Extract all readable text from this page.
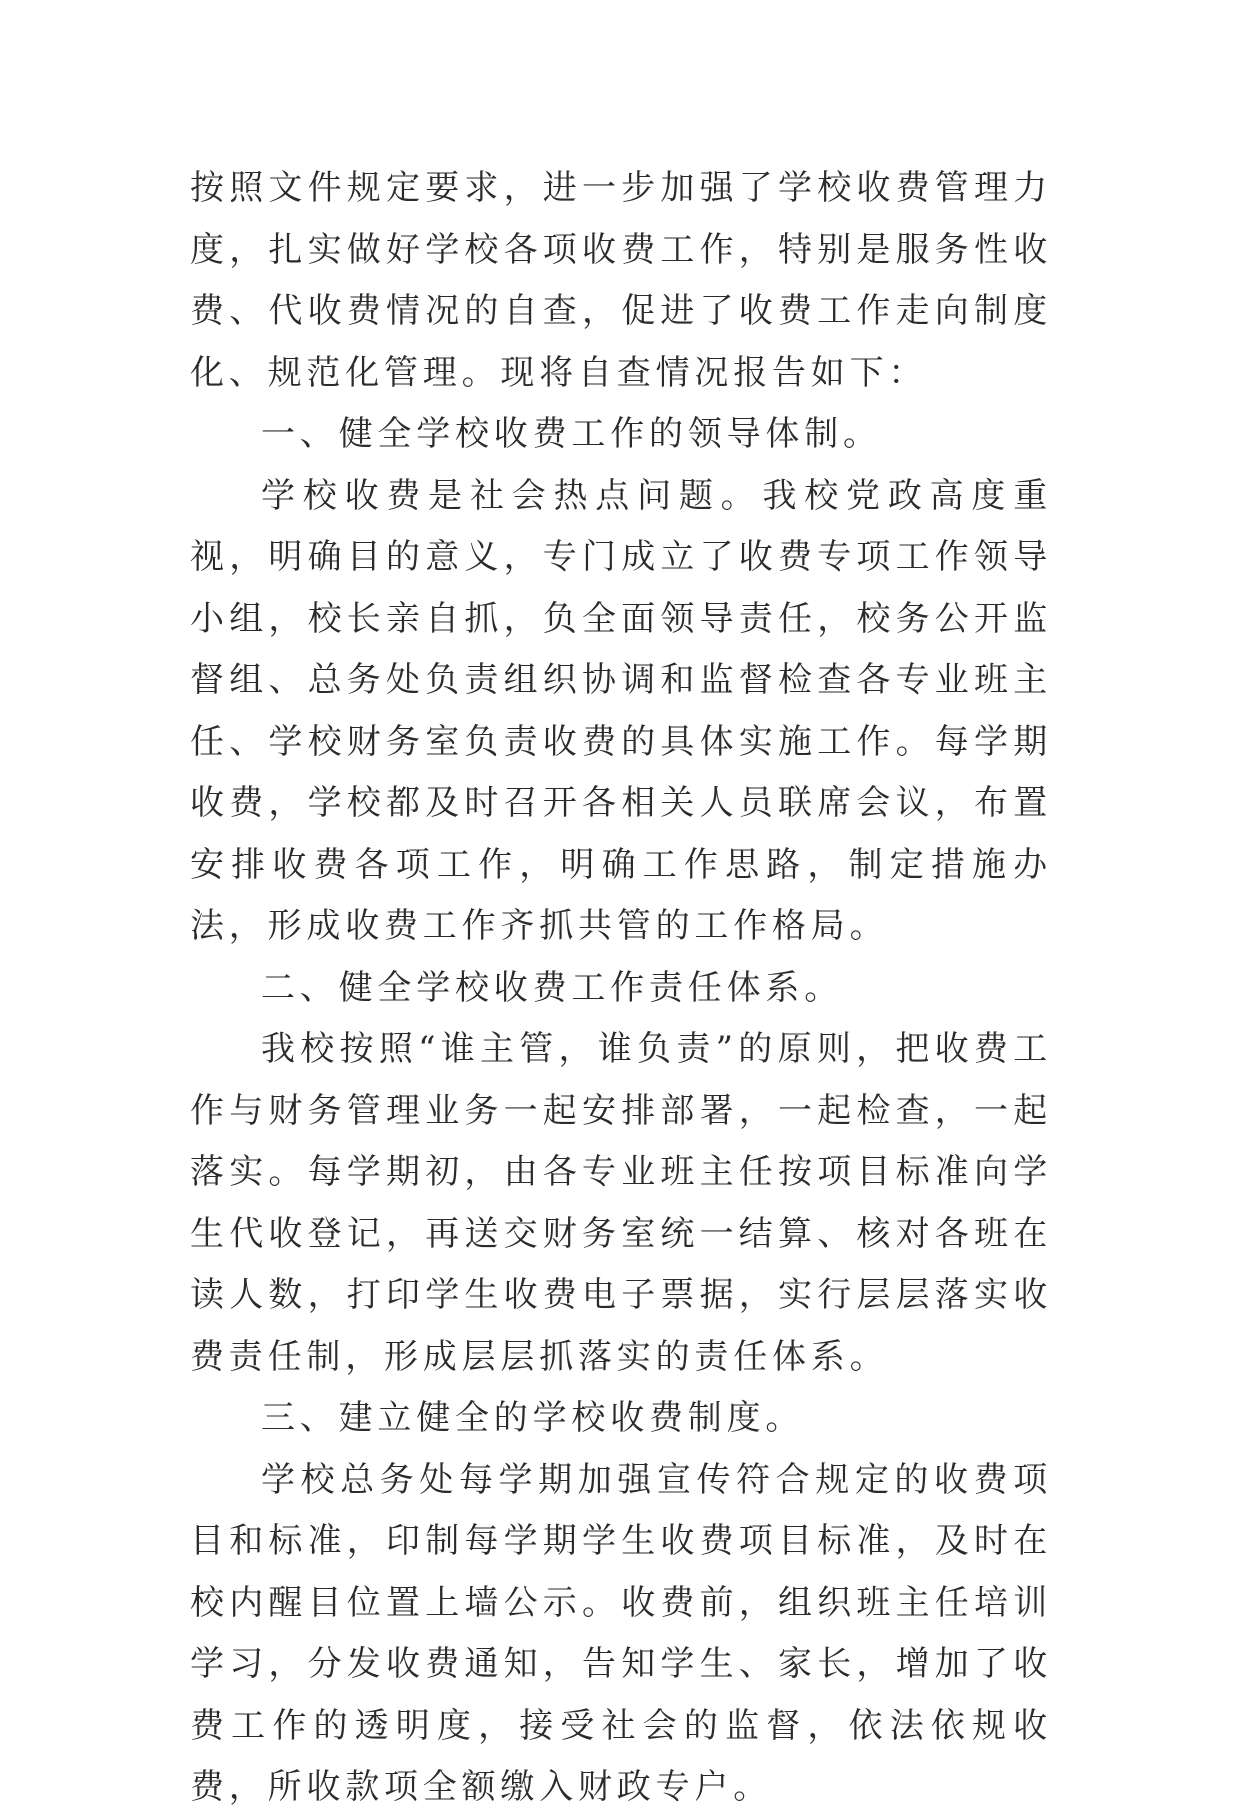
按照文件规定要求，进一步加强了学校收费管理力度，扎实做好学校各项收费工作，特别是服务性收费、代收费情况的自查，促进了收费工作走向制度化、规范化管理。现将自查情况报告如下：

一、健全学校收费工作的领导体制。

学校收费是社会热点问题。我校党政高度重视，明确目的意义，专门成立了收费专项工作领导小组，校长亲自抓，负全面领导责任，校务公开监督组、总务处负责组织协调和监督检查各专业班主任、学校财务室负责收费的具体实施工作。每学期收费，学校都及时召开各相关人员联席会议，布置安排收费各项工作，明确工作思路，制定措施办法，形成收费工作齐抓共管的工作格局。

二、健全学校收费工作责任体系。

我校按照“谁主管，谁负责”的原则，把收费工作与财务管理业务一起安排部署，一起检查，一起落实。每学期初，由各专业班主任按项目标准向学生代收登记，再送交财务室统一结算、核对各班在读人数，打印学生收费电子票据，实行层层落实收费责任制，形成层层抓落实的责任体系。

三、建立健全的学校收费制度。

学校总务处每学期加强宣传符合规定的收费项目和标准，印制每学期学生收费项目标准，及时在校内醒目位置上墙公示。收费前，组织班主任培训学习，分发收费通知，告知学生、家长，增加了收费工作的透明度，接受社会的监督，依法依规收费，所收款项全额缴入财政专户。
